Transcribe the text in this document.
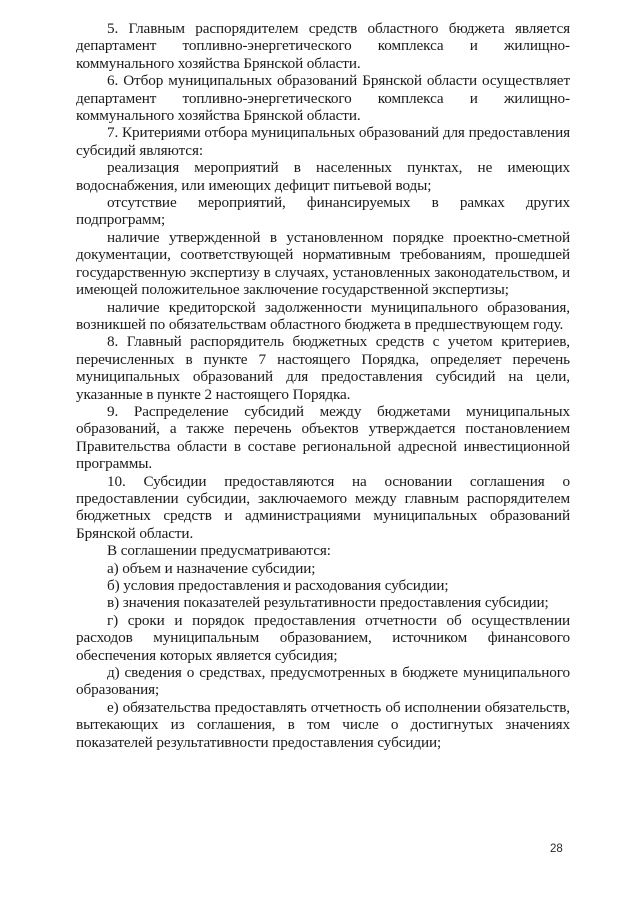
5. Главным распорядителем средств областного бюджета является департамент топливно-энергетического комплекса и жилищно-коммунального хозяйства Брянской области.

6. Отбор муниципальных образований Брянской области осуществляет департамент топливно-энергетического комплекса и жилищно-коммунального хозяйства Брянской области.

7. Критериями отбора муниципальных образований для предоставления субсидий являются:

реализация мероприятий в населенных пунктах, не имеющих водоснабжения, или имеющих дефицит питьевой воды;

отсутствие мероприятий, финансируемых в рамках других подпрограмм;

наличие утвержденной в установленном порядке проектно-сметной документации, соответствующей нормативным требованиям, прошедшей государственную экспертизу в случаях, установленных законодательством, и имеющей положительное заключение государственной экспертизы;

наличие кредиторской задолженности муниципального образования, возникшей по обязательствам областного бюджета в предшествующем году.

8. Главный распорядитель бюджетных средств с учетом критериев, перечисленных в пункте 7 настоящего Порядка, определяет перечень муниципальных образований для предоставления субсидий на цели, указанные в пункте 2 настоящего Порядка.

9. Распределение субсидий между бюджетами муниципальных образований, а также перечень объектов утверждается постановлением Правительства области в составе региональной адресной инвестиционной программы.

10. Субсидии предоставляются на основании соглашения о предоставлении субсидии, заключаемого между главным распорядителем бюджетных средств и администрациями муниципальных образований Брянской области.

В соглашении предусматриваются:

а) объем и назначение субсидии;

б) условия предоставления и расходования субсидии;

в) значения показателей результативности предоставления субсидии;

г) сроки и порядок предоставления отчетности об осуществлении расходов муниципальным образованием, источником финансового обеспечения которых является субсидия;

д) сведения о средствах, предусмотренных в бюджете муниципального образования;

е) обязательства предоставлять отчетность об исполнении обязательств, вытекающих из соглашения, в том числе о достигнутых значениях показателей результативности предоставления субсидии;

28
